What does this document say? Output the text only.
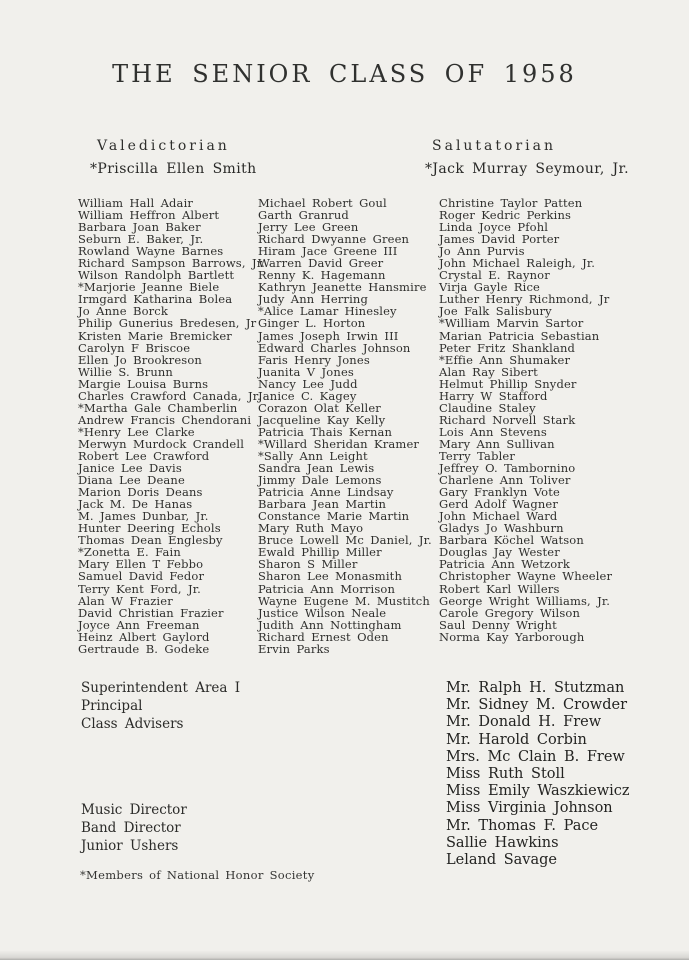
THE SENIOR CLASS OF 1958
Valedictorian
*Priscilla Ellen Smith
Salutatorian
*Jack Murray Seymour, Jr.
William Hall Adair
William Heffron Albert
Barbara Joan Baker
Seburn E. Baker, Jr.
Rowland Wayne Barnes
Richard Sampson Barrows, Jr.
Wilson Randolph Bartlett
*Marjorie Jeanne Biele
Irmgard Katharina Bolea
Jo Anne Borck
Philip Gunerius Bredesen, Jr
Kristen Marie Bremicker
Carolyn F Briscoe
Ellen Jo Brookreson
Willie S. Brunn
Margie Louisa Burns
Charles Crawford Canada, Jr.
*Martha Gale Chamberlin
Andrew Francis Chendorani
*Henry Lee Clarke
Merwyn Murdock Crandell
Robert Lee Crawford
Janice Lee Davis
Diana Lee Deane
Marion Doris Deans
Jack M. De Hanas
M. James Dunbar, Jr.
Hunter Deering Echols
Thomas Dean Englesby
*Zonetta E. Fain
Mary Ellen T Febbo
Samuel David Fedor
Terry Kent Ford, Jr.
Alan W Frazier
David Christian Frazier
Joyce Ann Freeman
Heinz Albert Gaylord
Gertraude B. Godeke
Michael Robert Goul
Garth Granrud
Jerry Lee Green
Richard Dwyanne Green
Hiram Jace Greene III
Warren David Greer
Renny K. Hagemann
Kathryn Jeanette Hansmire
Judy Ann Herring
*Alice Lamar Hinesley
Ginger L. Horton
James Joseph Irwin III
Edward Charles Johnson
Faris Henry Jones
Juanita V Jones
Nancy Lee Judd
Janice C. Kagey
Corazon Olat Keller
Jacqueline Kay Kelly
Patricia Thais Kernan
*Willard Sheridan Kramer
*Sally Ann Leight
Sandra Jean Lewis
Jimmy Dale Lemons
Patricia Anne Lindsay
Barbara Jean Martin
Constance Marie Martin
Mary Ruth Mayo
Bruce Lowell Mc Daniel, Jr.
Ewald Phillip Miller
Sharon S Miller
Sharon Lee Monasmith
Patricia Ann Morrison
Wayne Eugene M. Mustitch
Justice Wilson Neale
Judith Ann Nottingham
Richard Ernest Oden
Ervin Parks
Christine Taylor Patten
Roger Kedric Perkins
Linda Joyce Pfohl
James David Porter
Jo Ann Purvis
John Michael Raleigh, Jr.
Crystal E. Raynor
Virja Gayle Rice
Luther Henry Richmond, Jr
Joe Falk Salisbury
*William Marvin Sartor
Marian Patricia Sebastian
Peter Fritz Shankland
*Effie Ann Shumaker
Alan Ray Sibert
Helmut Phillip Snyder
Harry W Stafford
Claudine Staley
Richard Norvell Stark
Lois Ann Stevens
Mary Ann Sullivan
Terry Tabler
Jeffrey O. Tambornino
Charlene Ann Toliver
Gary Franklyn Vote
Gerd Adolf Wagner
John Michael Ward
Gladys Jo Washburn
Barbara Köchel Watson
Douglas Jay Wester
Patricia Ann Wetzork
Christopher Wayne Wheeler
Robert Karl Willers
George Wright Williams, Jr.
Carole Gregory Wilson
Saul Denny Wright
Norma Kay Yarborough
Superintendent Area I
Principal
Class Advisers
Music Director
Band Director
Junior Ushers
Mr. Ralph H. Stutzman
Mr. Sidney M. Crowder
Mr. Donald H. Frew
Mr. Harold Corbin
Mrs. Mc Clain B. Frew
Miss Ruth Stoll
Miss Emily Waszkiewicz
Miss Virginia Johnson
Mr. Thomas F. Pace
Sallie Hawkins
Leland Savage
*Members of National Honor Society
